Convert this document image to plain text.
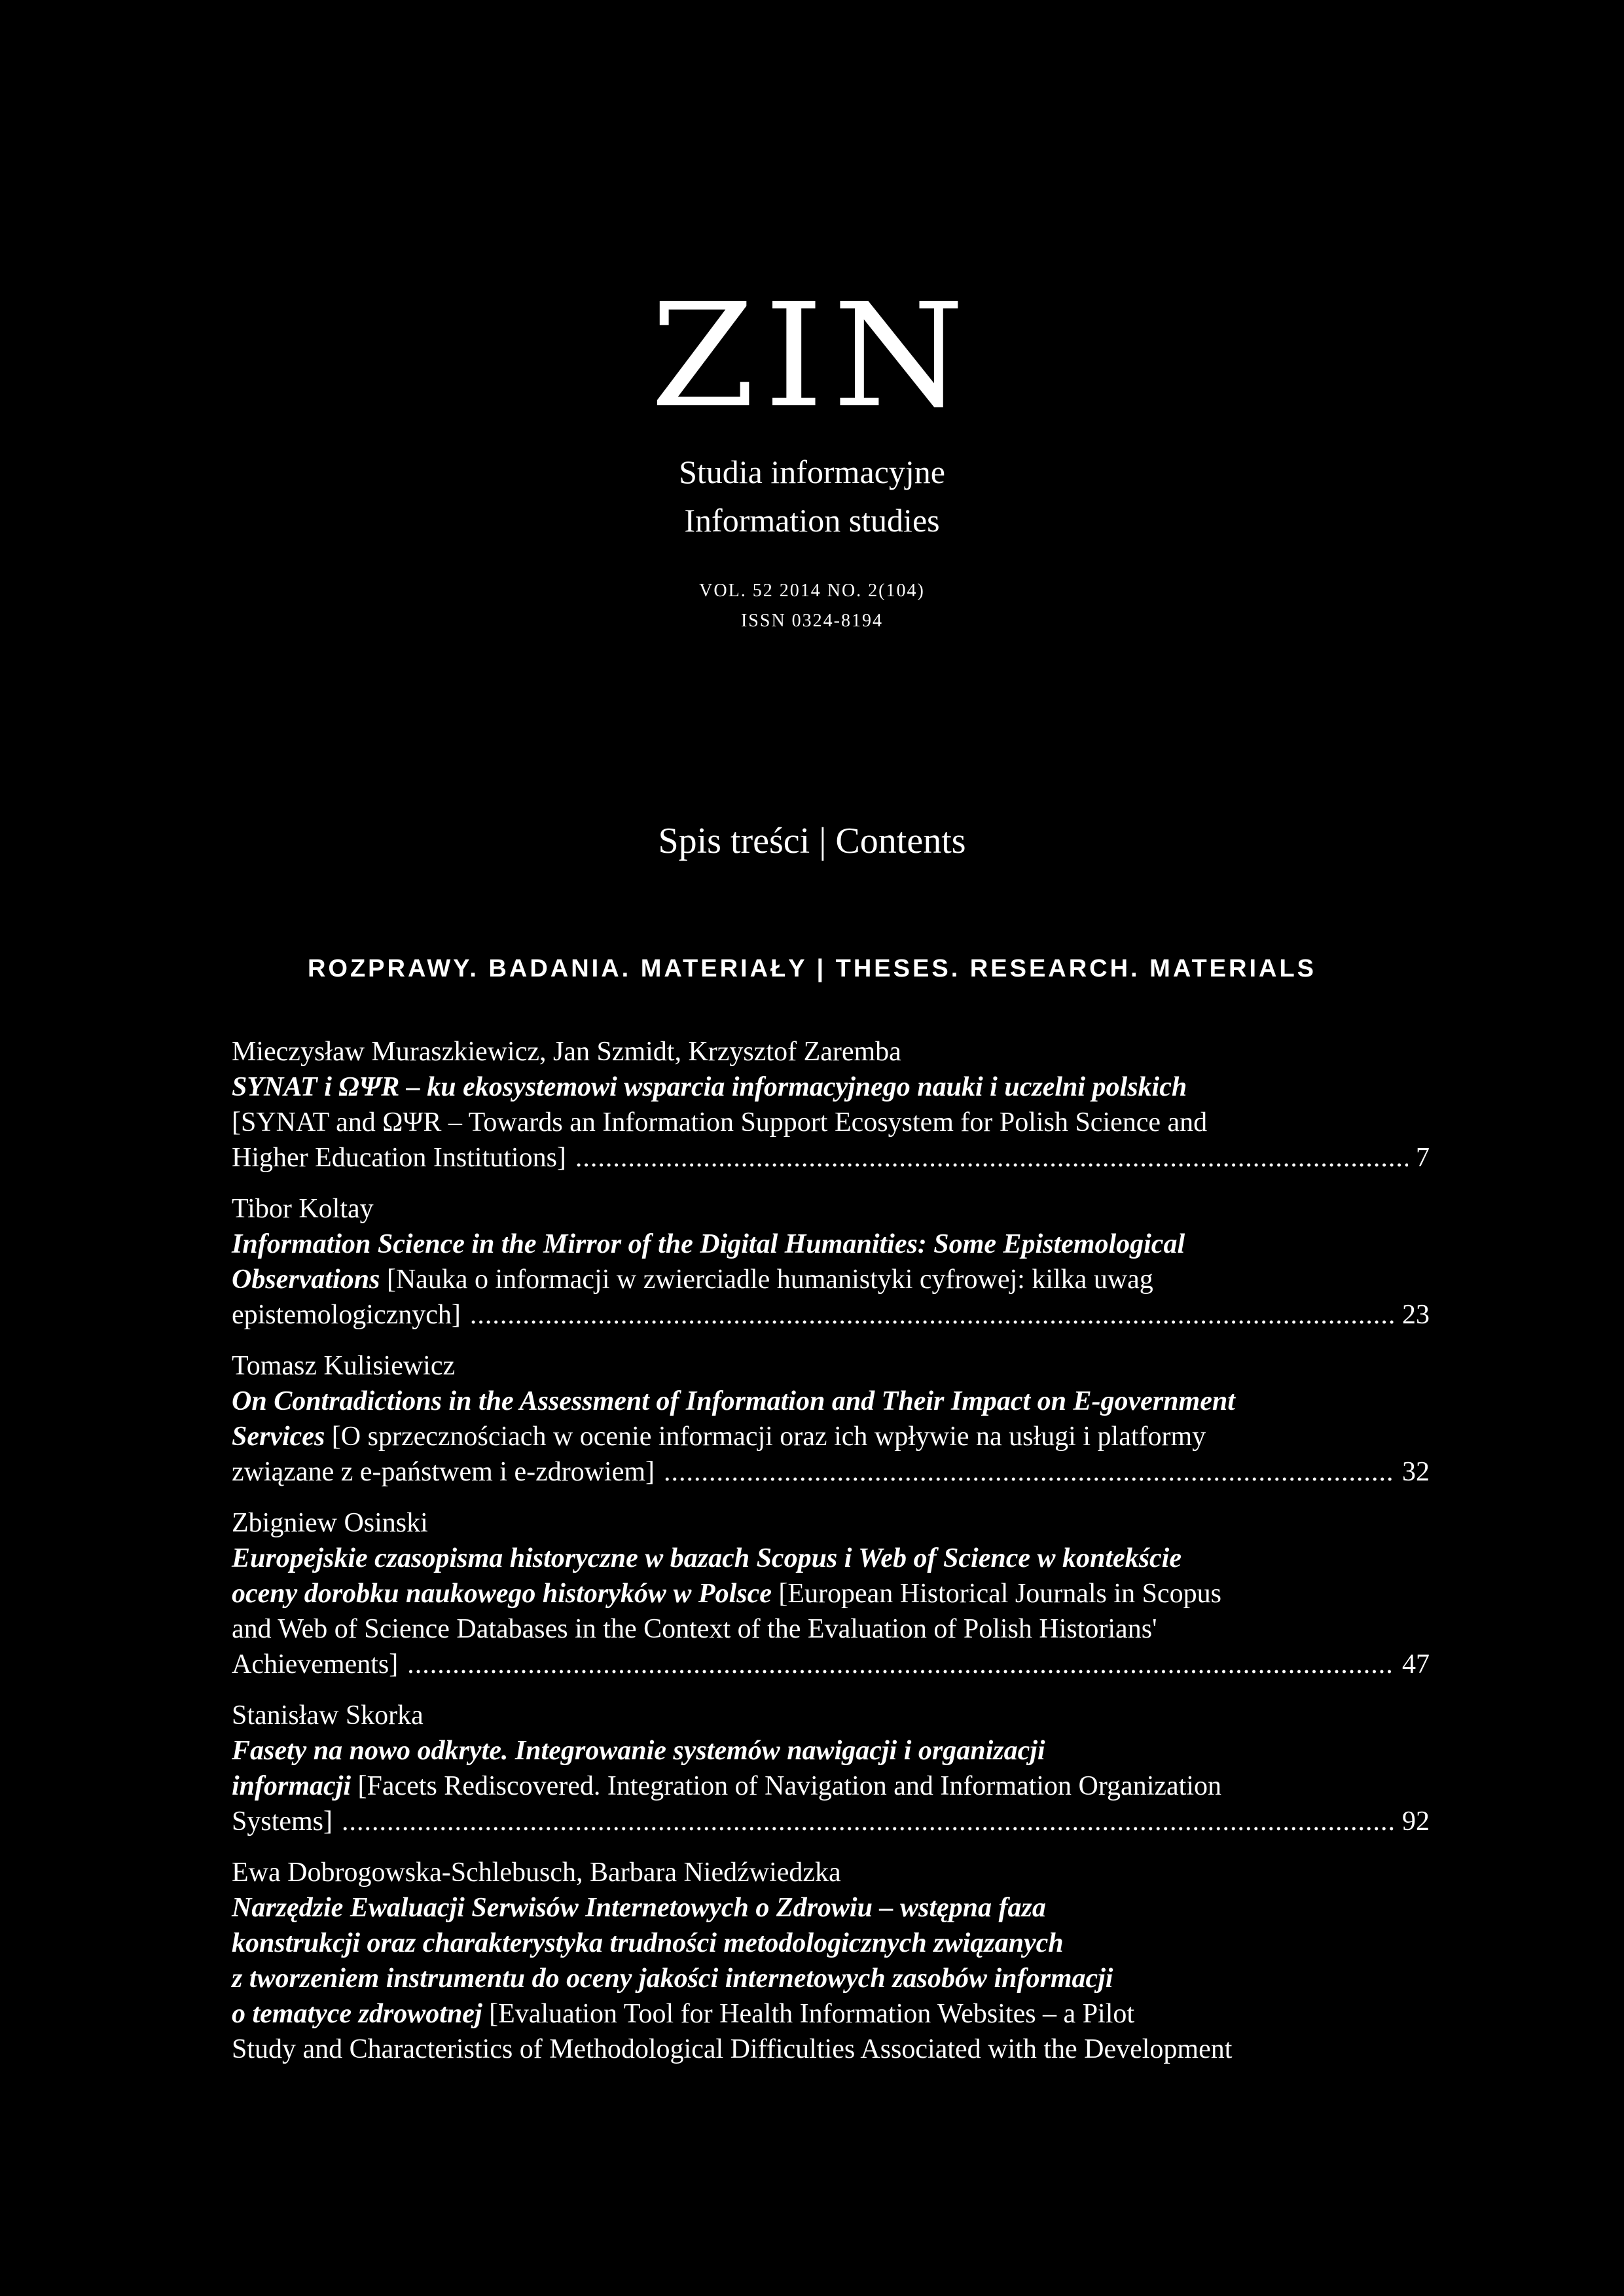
ZIN
Studia informacyjne
Information studies
VOL. 52 2014 NO. 2(104)
ISSN 0324-8194
Spis treści | Contents
ROZPRAWY. BADANIA. MATERIAŁY | THESES. RESEARCH. MATERIALS
Mieczysław Muraszkiewicz, Jan Szmidt, Krzysztof Zaremba
SYNAT i ΩΨR – ku ekosystemowi wsparcia informacyjnego nauki i uczelni polskich
[SYNAT and ΩΨR – Towards an Information Support Ecosystem for Polish Science and
Higher Education Institutions] .....	7
Tibor Koltay
Information Science in the Mirror of the Digital Humanities: Some Epistemological
Observations [Nauka o informacji w zwierciadle humanistyki cyfrowej: kilka uwag
epistemologicznych] .....	23
Tomasz Kulisiewicz
On Contradictions in the Assessment of Information and Their Impact on E-government
Services [O sprzecznościach w ocenie informacji oraz ich wpływie na usługi i platformy
związane z e-państwem i e-zdrowiem] .....	32
Zbigniew Osinski
Europejskie czasopisma historyczne w bazach Scopus i Web of Science w kontekście
oceny dorobku naukowego historyków w Polsce [European Historical Journals in Scopus
and Web of Science Databases in the Context of the Evaluation of Polish Historians'
Achievements] .....	47
Stanisław Skorka
Fasety na nowo odkryte. Integrowanie systemów nawigacji i organizacji
informacji [Facets Rediscovered. Integration of Navigation and Information Organization
Systems] .....	92
Ewa Dobrogowska-Schlebusch, Barbara Niedźwiedzka
Narzędzie Ewaluacji Serwisów Internetowych o Zdrowiu – wstępna faza
konstrukcji oraz charakterystyka trudności metodologicznych związanych
z tworzeniem instrumentu do oceny jakości internetowych zasobów informacji
o tematyce zdrowotnej [Evaluation Tool for Health Information Websites – a Pilot
Study and Characteristics of Methodological Difficulties Associated with the Development
